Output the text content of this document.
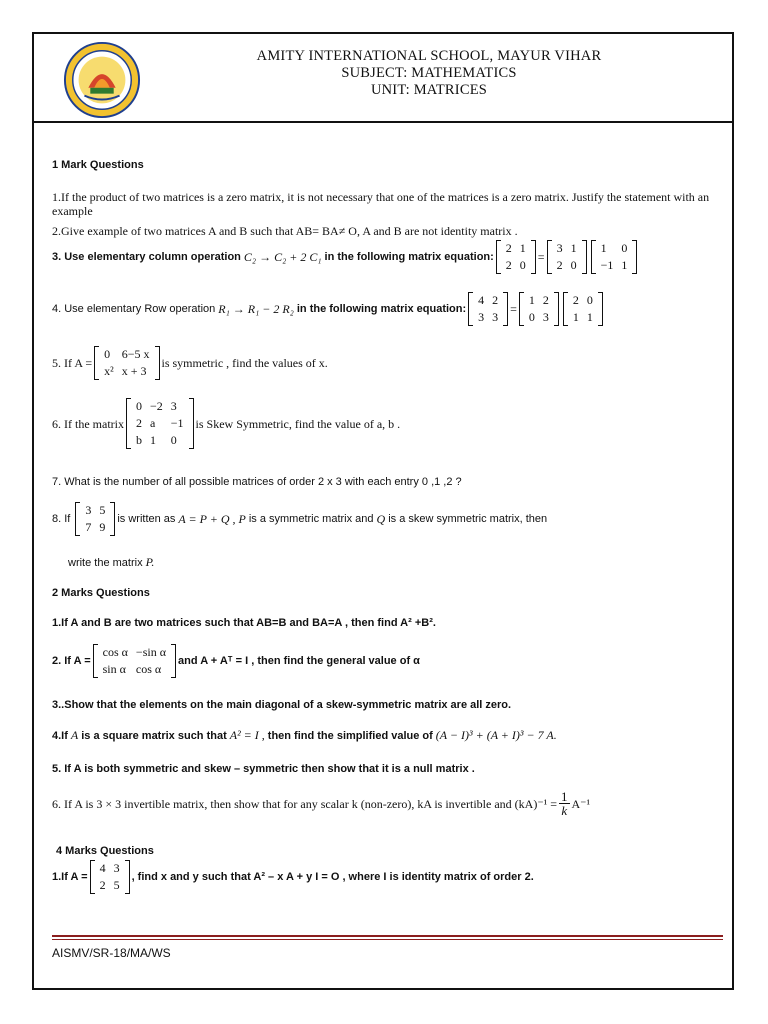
AMITY INTERNATIONAL SCHOOL, MAYUR VIHAR
SUBJECT: MATHEMATICS
UNIT: MATRICES
1 Mark Questions
1.If the product of two matrices is a zero matrix, it is not necessary that one of the matrices is a zero matrix. Justify the statement with an example
2.Give example of two matrices A and B such that AB= BA≠ O, A and B are not identity matrix .
3. Use elementary column operation
C₂ → C₂ + 2 C₁
in the following matrix equation:
2	1
2	0
=
3	1
2	0
1	0
−1	1
4. Use elementary Row operation
R₁ → R₁ − 2 R₂
in the following matrix equation:
4	2
3	3
=
1	2
0	3
2	0
1	1
5. If A =
0	6−5 x
x²	x + 3
is symmetric , find the values of x.
6. If the matrix
0	−2	3
2	a	−1
b	1	0
is Skew Symmetric, find the value of a, b .
7. What is the number of all possible matrices of order 2 x 3 with each entry 0 ,1 ,2 ?
8. If

3	5
7	9
is written as
A = P + Q , P
is a symmetric matrix and
Q
is a skew symmetric matrix, then
write the matrix P.
2 Marks Questions
1.If A and B are two matrices such that AB=B and BA=A , then find A² +B².
2. If A =
cos α	−sin α
sin α	cos α
and A + Aᵀ = I , then find the general value of α
3..Show that the elements on the main diagonal of a skew-symmetric matrix are all zero.
4.If A is a square matrix such that A² = I , then find the simplified value of (A − I)³ + (A + I)³ − 7 A.
5. If A is both symmetric and skew – symmetric then show that it is a null matrix .
6. If A is 3 × 3 invertible matrix, then show that for any scalar k (non-zero), kA is invertible and $(kA)^{-1} = \frac{1}{k} A^{-1}$
4 Marks Questions
1.If A =
4	3
2	5
, find x and y such that A² – x A + y I = O , where I is identity matrix of order 2.
AISMV/SR-18/MA/WS
